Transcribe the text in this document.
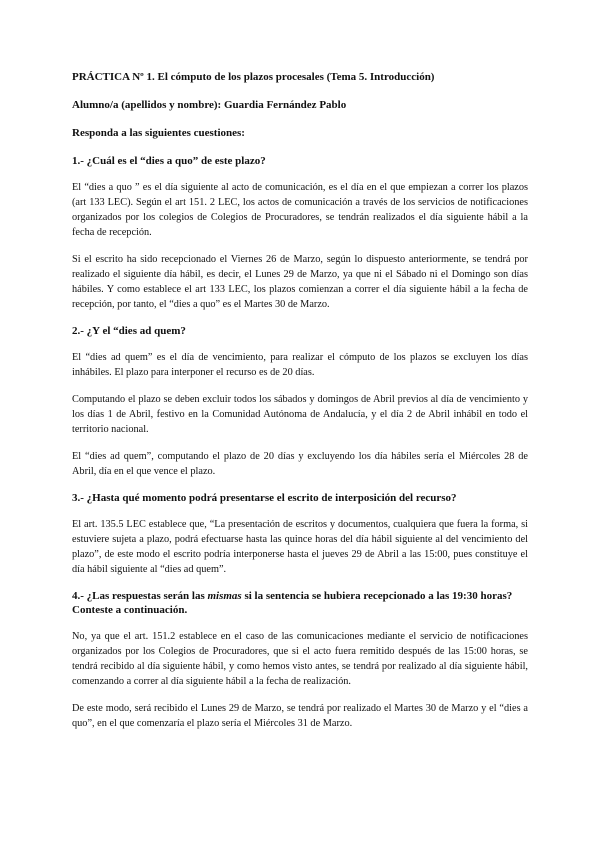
PRÁCTICA Nº 1. El cómputo de los plazos procesales (Tema 5. Introducción)

Alumno/a (apellidos y nombre): Guardia Fernández Pablo

Responda a las siguientes cuestiones:

1.- ¿Cuál es el “dies a quo” de este plazo?

El “dies a quo ” es el día siguiente al acto de comunicación, es el día en el que empiezan a correr los plazos (art 133 LEC). Según el art 151. 2 LEC, los actos de comunicación a través de los servicios de notificaciones organizados por los colegios de Colegios de Procuradores, se tendrán realizados el día siguiente hábil a la fecha de recepción.

Si el escrito ha sido recepcionado el Viernes 26 de Marzo, según lo dispuesto anteriormente, se tendrá por realizado el siguiente día hábil, es decir, el Lunes 29 de Marzo, ya que ni el Sábado ni el Domingo son días hábiles. Y como establece el art 133 LEC, los plazos comienzan a correr el día siguiente hábil a la fecha de recepción, por tanto, el “dies a quo” es el Martes 30 de Marzo.

2.- ¿Y el “dies ad quem?

El “dies ad quem” es el día de vencimiento, para realizar el cómputo de los plazos se excluyen los días inhábiles. El plazo para interponer el recurso es de 20 días.

Computando el plazo se deben excluir todos los sábados y domingos de Abril previos al día de vencimiento y los días 1 de Abril, festivo en la Comunidad Autónoma de Andalucía, y el día 2 de Abril inhábil en todo el territorio nacional.

El “dies ad quem”, computando el plazo de 20 días y excluyendo los día hábiles sería el Miércoles 28 de Abril, día en el que vence el plazo.

3.- ¿Hasta qué momento podrá presentarse el escrito de interposición del recurso?

El art. 135.5 LEC establece que, “La presentación de escritos y documentos, cualquiera que fuera la forma, si estuviere sujeta a plazo, podrá efectuarse hasta las quince horas del día hábil siguiente al del vencimiento del plazo”, de este modo el escrito podría interponerse hasta el jueves 29 de Abril a las 15:00, pues constituye el día hábil siguiente al “dies ad quem”.

4.- ¿Las respuestas serán las mismas si la sentencia se hubiera recepcionado a las 19:30 horas? Conteste a continuación.

No, ya que el art. 151.2 establece en el caso de las comunicaciones mediante el servicio de notificaciones organizados por los Colegios de Procuradores, que si el acto fuera remitido después de las 15:00 horas, se tendrá recibido al día siguiente hábil, y como hemos visto antes, se tendrá por realizado al día siguiente hábil, comenzando a correr al día siguiente hábil a la fecha de realización.

De este modo, será recibido el Lunes 29 de Marzo, se tendrá por realizado el Martes 30 de Marzo y el “dies a quo”, en el que comenzaría el plazo sería el Miércoles 31 de Marzo.
